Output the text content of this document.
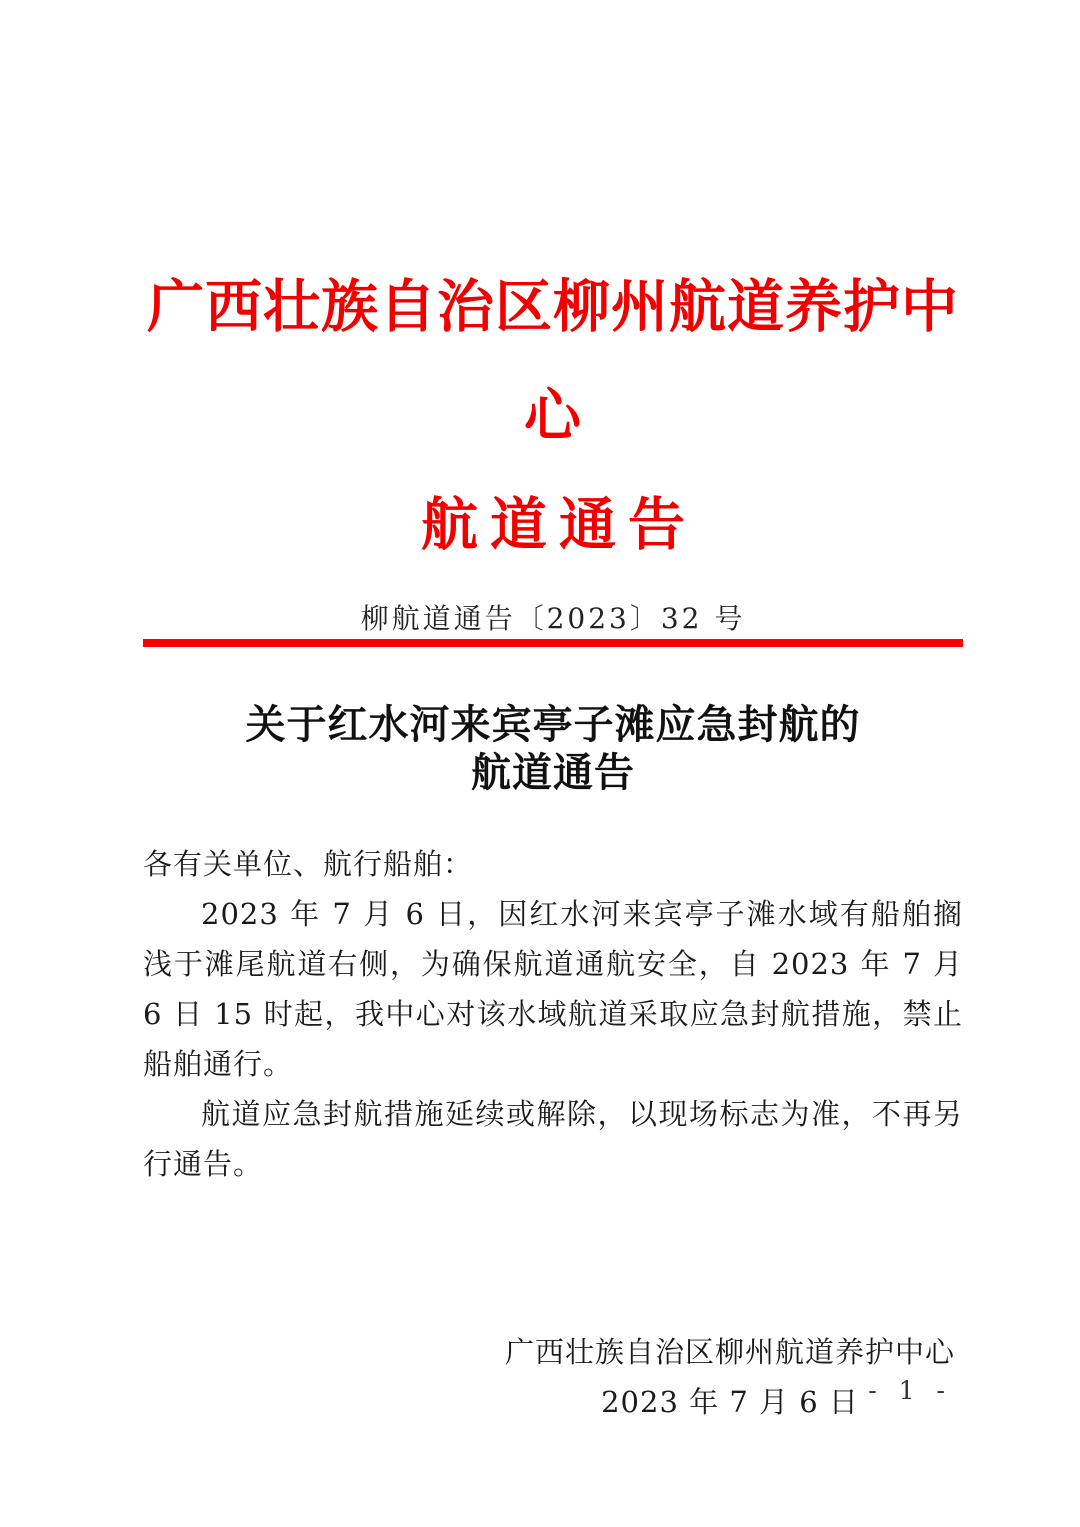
广西壮族自治区柳州航道养护中心
航道通告
柳航道通告〔2023〕32 号
关于红水河来宾亭子滩应急封航的
航道通告

各有关单位、航行船舶：

2023 年 7 月 6 日，因红水河来宾亭子滩水域有船舶搁浅于滩尾航道右侧，为确保航道通航安全，自 2023 年 7 月 6 日 15 时起，我中心对该水域航道采取应急封航措施，禁止船舶通行。

航道应急封航措施延续或解除，以现场标志为准，不再另行通告。

广西壮族自治区柳州航道养护中心
2023 年 7 月 6 日 - 1 -
